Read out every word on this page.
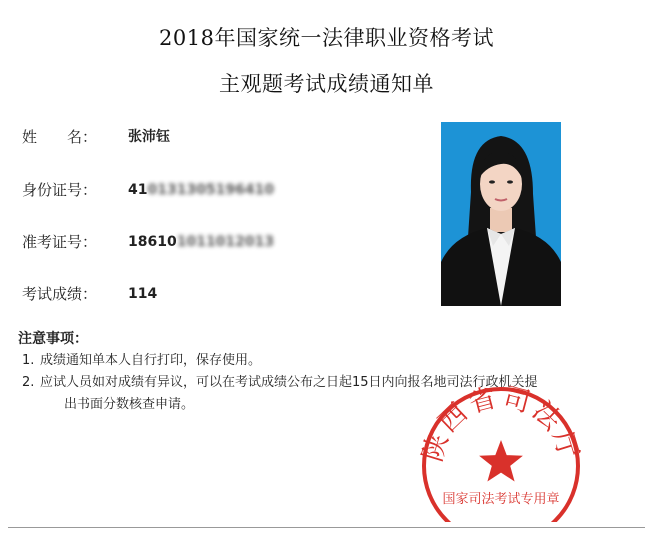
2018年国家统一法律职业资格考试
主观题考试成绩通知单
姓　　名：	张沛钰
身份证号：	410131305196410
准考证号：	186101011012013
考试成绩：	114
注意事项：
1. 成绩通知单本人自行打印，保存使用。
2. 应试人员如对成绩有异议，可以在考试成绩公布之日起15日内向报名地司法行政机关提
出书面分数核查申请。
陕西省司法厅
国家司法考试专用章
